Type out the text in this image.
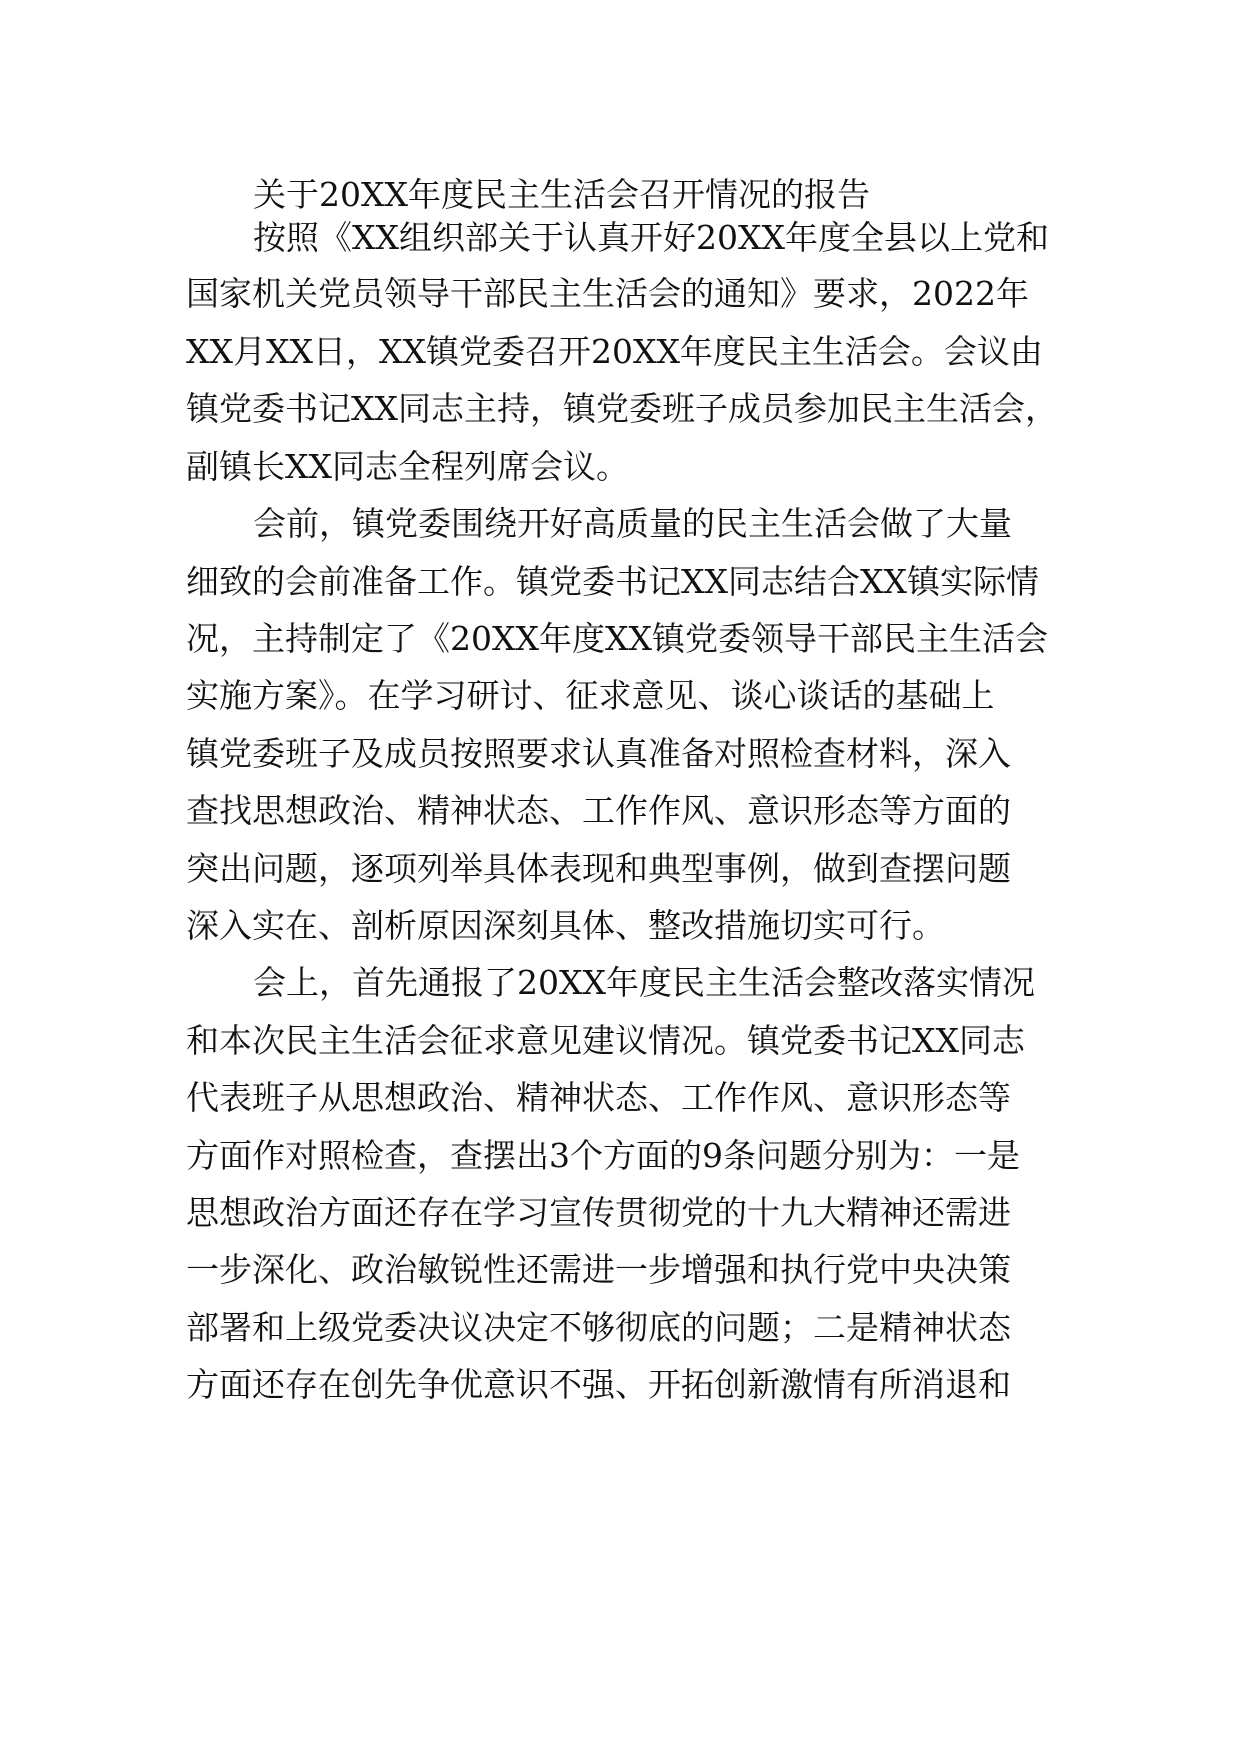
关于20XX年度民主生活会召开情况的报告
按照《XX组织部关于认真开好20XX年度全县以上党和
国家机关党员领导干部民主生活会的通知》要求，2022年
XX月XX日，XX镇党委召开20XX年度民主生活会。会议由
镇党委书记XX同志主持，镇党委班子成员参加民主生活会，
副镇长XX同志全程列席会议。
会前，镇党委围绕开好高质量的民主生活会做了大量
细致的会前准备工作。镇党委书记XX同志结合XX镇实际情
况，主持制定了《20XX年度XX镇党委领导干部民主生活会
实施方案》。在学习研讨、征求意见、谈心谈话的基础上
镇党委班子及成员按照要求认真准备对照检查材料，深入
查找思想政治、精神状态、工作作风、意识形态等方面的
突出问题，逐项列举具体表现和典型事例，做到查摆问题
深入实在、剖析原因深刻具体、整改措施切实可行。
会上，首先通报了20XX年度民主生活会整改落实情况
和本次民主生活会征求意见建议情况。镇党委书记XX同志
代表班子从思想政治、精神状态、工作作风、意识形态等
方面作对照检查，查摆出3个方面的9条问题分别为：一是
思想政治方面还存在学习宣传贯彻党的十九大精神还需进
一步深化、政治敏锐性还需进一步增强和执行党中央决策
部署和上级党委决议决定不够彻底的问题；二是精神状态
方面还存在创先争优意识不强、开拓创新激情有所消退和
